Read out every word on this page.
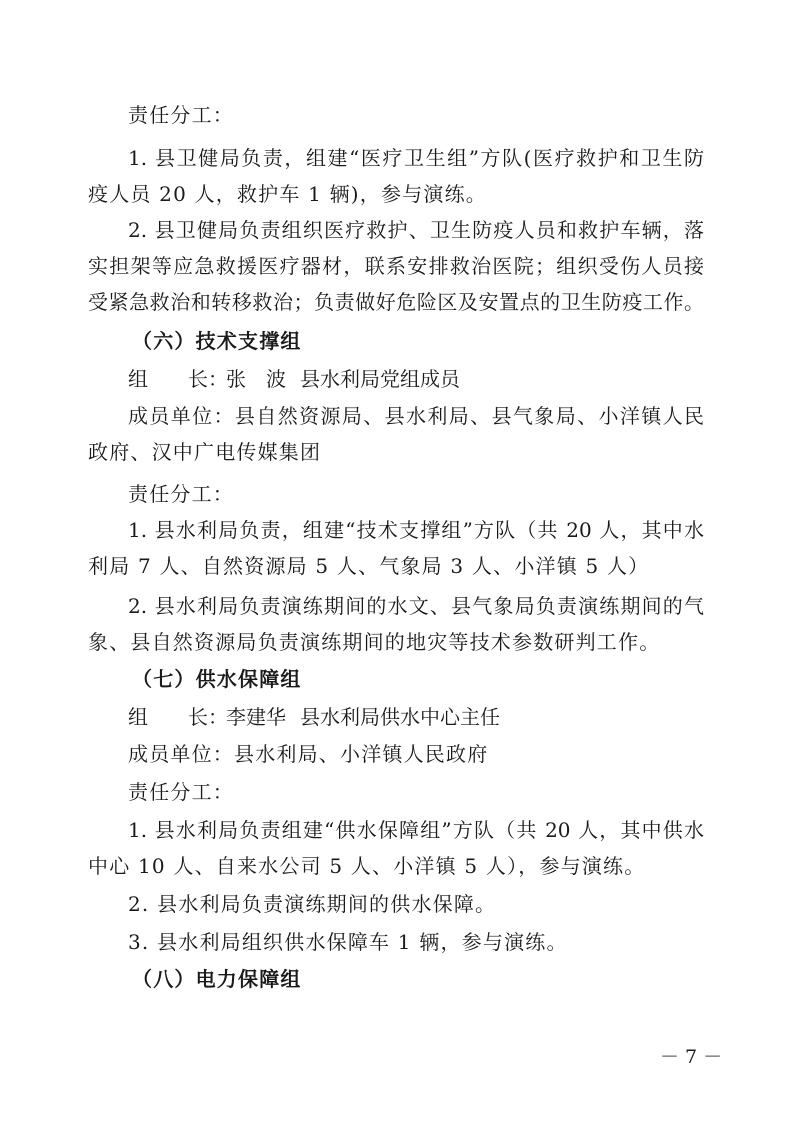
责任分工：
1. 县卫健局负责，组建“医疗卫生组”方队(医疗救护和卫生防
疫人员 20 人，救护车 1 辆)，参与演练。
2. 县卫健局负责组织医疗救护、卫生防疫人员和救护车辆，落
实担架等应急救援医疗器材，联系安排救治医院；组织受伤人员接
受紧急救治和转移救治；负责做好危险区及安置点的卫生防疫工作。
（六）技术支撑组
组　　长：张　波 县水利局党组成员
成员单位：县自然资源局、县水利局、县气象局、小洋镇人民
政府、汉中广电传媒集团
责任分工：
1. 县水利局负责，组建“技术支撑组”方队（共 20 人，其中水
利局 7 人、自然资源局 5 人、气象局 3 人、小洋镇 5 人）
2. 县水利局负责演练期间的水文、县气象局负责演练期间的气
象、县自然资源局负责演练期间的地灾等技术参数研判工作。
（七）供水保障组
组　　长：李建华 县水利局供水中心主任
成员单位：县水利局、小洋镇人民政府
责任分工：
1. 县水利局负责组建“供水保障组”方队（共 20 人，其中供水
中心 10 人、自来水公司 5 人、小洋镇 5 人），参与演练。
2. 县水利局负责演练期间的供水保障。
3. 县水利局组织供水保障车 1 辆，参与演练。
（八）电力保障组
－ 7 －
